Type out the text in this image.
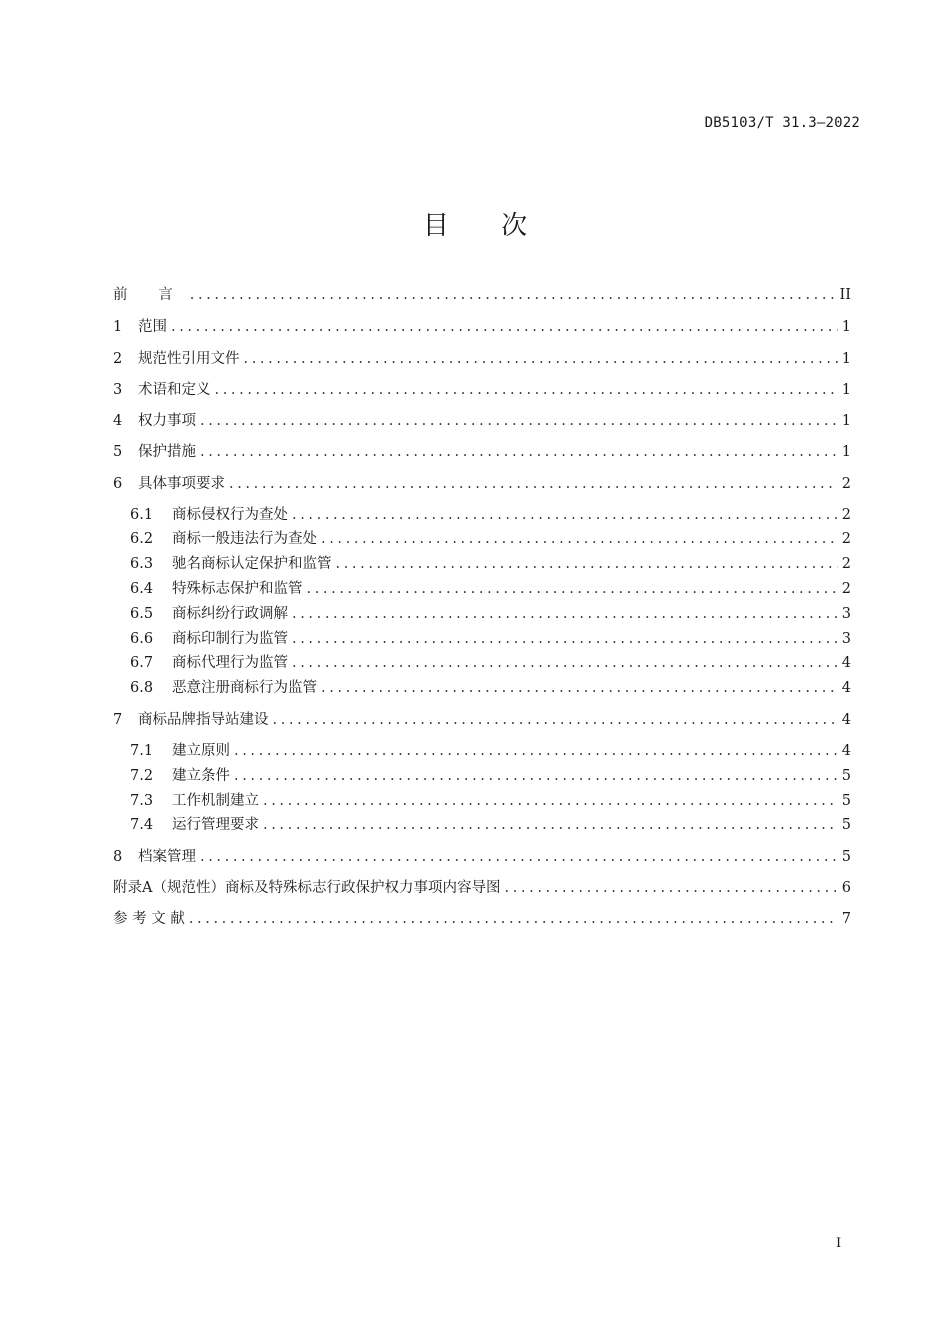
DB5103/T 31.3—2022
目 次
前 言 .....	II
1	范围 .....	1
2	规范性引用文件 .....	1
3	术语和定义 .....	1
4	权力事项 .....	1
5	保护措施 .....	1
6	具体事项要求 .....	2
6.1	商标侵权行为查处 .....	2
6.2	商标一般违法行为查处 .....	2
6.3	驰名商标认定保护和监管 .....	2
6.4	特殊标志保护和监管 .....	2
6.5	商标纠纷行政调解 .....	3
6.6	商标印制行为监管 .....	3
6.7	商标代理行为监管 .....	4
6.8	恶意注册商标行为监管 .....	4
7	商标品牌指导站建设 .....	4
7.1	建立原则 .....	4
7.2	建立条件 .....	5
7.3	工作机制建立 .....	5
7.4	运行管理要求 .....	5
8	档案管理 .....	5
附录A（规范性）商标及特殊标志行政保护权力事项内容导图 .....	6
参 考 文 献 .....	7
I
